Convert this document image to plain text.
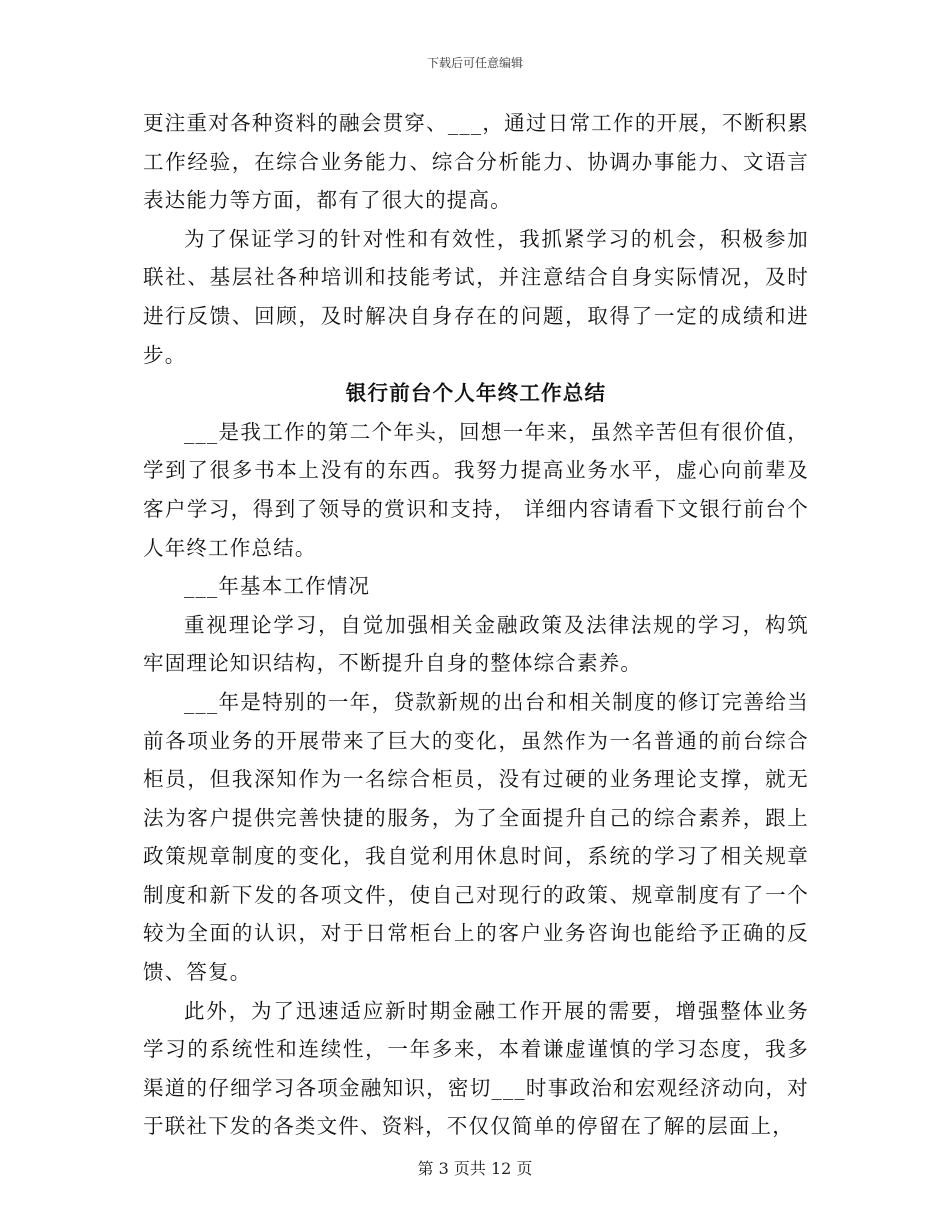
下载后可任意编辑

更注重对各种资料的融会贯穿、___，通过日常工作的开展，不断积累工作经验，在综合业务能力、综合分析能力、协调办事能力、文语言表达能力等方面，都有了很大的提高。

为了保证学习的针对性和有效性，我抓紧学习的机会，积极参加联社、基层社各种培训和技能考试，并注意结合自身实际情况，及时进行反馈、回顾，及时解决自身存在的问题，取得了一定的成绩和进步。

银行前台个人年终工作总结

___是我工作的第二个年头，回想一年来，虽然辛苦但有很价值，学到了很多书本上没有的东西。我努力提高业务水平，虚心向前辈及客户学习，得到了领导的赏识和支持， 详细内容请看下文银行前台个人年终工作总结。

___年基本工作情况

重视理论学习，自觉加强相关金融政策及法律法规的学习，构筑牢固理论知识结构，不断提升自身的整体综合素养。

___年是特别的一年，贷款新规的出台和相关制度的修订完善给当前各项业务的开展带来了巨大的变化，虽然作为一名普通的前台综合柜员，但我深知作为一名综合柜员，没有过硬的业务理论支撑，就无法为客户提供完善快捷的服务，为了全面提升自己的综合素养，跟上政策规章制度的变化，我自觉利用休息时间，系统的学习了相关规章制度和新下发的各项文件，使自己对现行的政策、规章制度有了一个较为全面的认识，对于日常柜台上的客户业务咨询也能给予正确的反馈、答复。

此外，为了迅速适应新时期金融工作开展的需要，增强整体业务学习的系统性和连续性，一年多来，本着谦虚谨慎的学习态度，我多渠道的仔细学习各项金融知识，密切___时事政治和宏观经济动向，对于联社下发的各类文件、资料，不仅仅简单的停留在了解的层面上，

第 3 页共 12 页
